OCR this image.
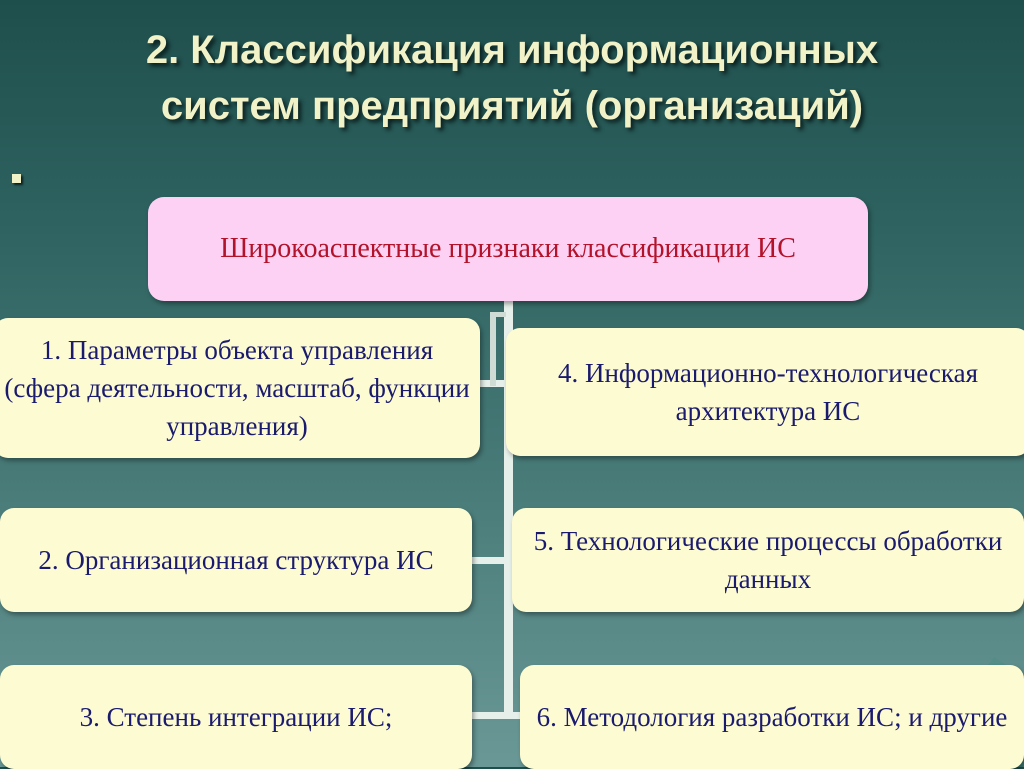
2. Классификация информационных
систем предприятий (организаций)
Широкоаспектные признаки классификации ИС
1. Параметры объекта управления (сфера деятельности, масштаб, функции управления)
2. Организационная структура ИС
3. Степень интеграции ИС;
4. Информационно-технологическая архитектура ИС
5. Технологические процессы обработки данных
6. Методология разработки ИС; и другие
